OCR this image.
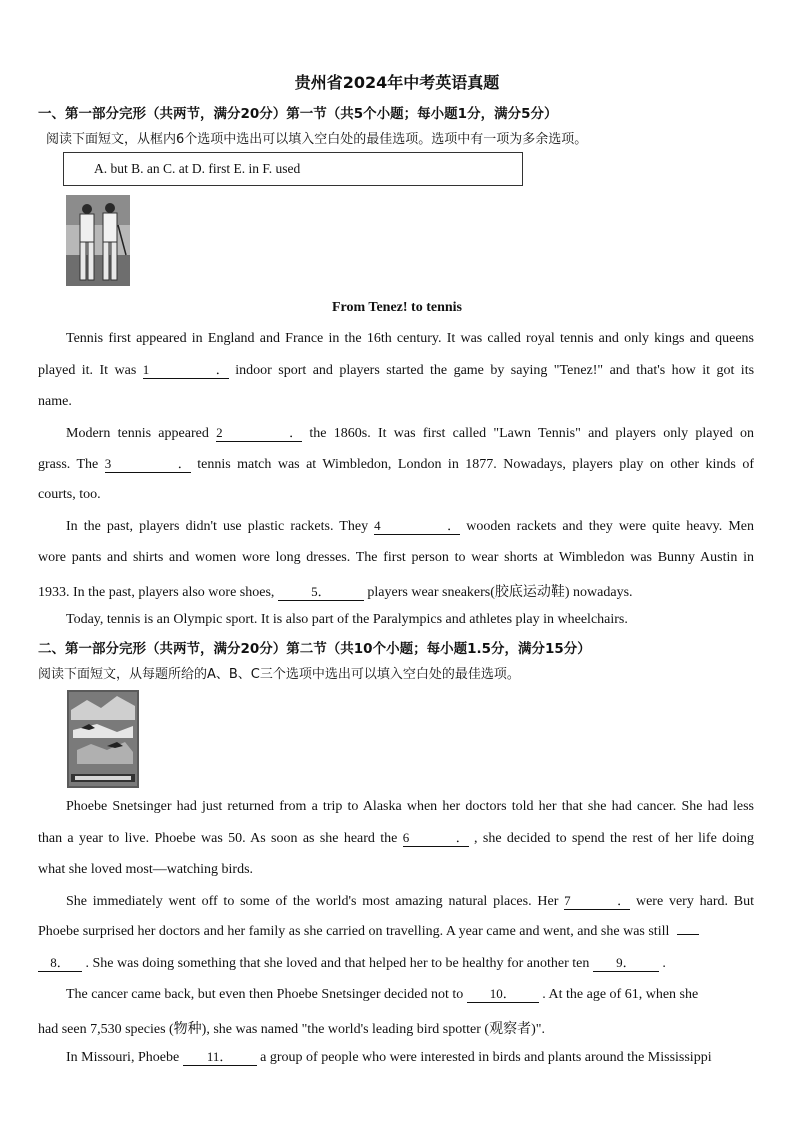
贵州省2024年中考英语真题
一、第一部分完形（共两节，满分20分）第一节（共5个小题；每小题1分，满分5分）
阅读下面短文，从框内6个选项中选出可以填入空白处的最佳选项。选项中有一项为多余选项。
A. but B. an C. at D. first E. in F. used
From Tenez! to tennis
Tennis first appeared in England and France in the 16th century. It was called royal tennis and only kings and queens
played it. It was 1． indoor sport and players started the game by saying "Tenez!" and that's how it got its
name.
Modern tennis appeared 2． the 1860s. It was first called "Lawn Tennis" and players only played on
grass. The 3． tennis match was at Wimbledon, London in 1877. Nowadays, players play on other kinds of
courts, too.
In the past, players didn't use plastic rackets. They 4． wooden rackets and they were quite heavy. Men
wore pants and shirts and women wore long dresses. The first person to wear shorts at Wimbledon was Bunny Austin in
1933. In the past, players also wore shoes,	5．	players wear sneakers(胶底运动鞋) nowadays.
Today, tennis is an Olympic sport. It is also part of the Paralympics and athletes play in wheelchairs.
二、第一部分完形（共两节，满分20分）第二节（共10个小题；每小题1.5分，满分15分）
阅读下面短文，从每题所给的A、B、C三个选项中选出可以填入空白处的最佳选项。
Phoebe Snetsinger had just returned from a trip to Alaska when her doctors told her that she had cancer. She had less
than a year to live. Phoebe was 50. As soon as she heard the 6． , she decided to spend the rest of her life doing
what she loved most—watching birds.
She immediately went off to some of the world's most amazing natural places. Her 7． were very hard. But
Phoebe surprised her doctors and her family as she carried on travelling. A year came and went, and she was still
8． . She was doing something that she loved and that helped her to be healthy for another ten 9． .
The cancer came back, but even then Phoebe Snetsinger decided not to 10． . At the age of 61, when she
had seen 7,530 species (物种), she was named "the world's leading bird spotter (观察者)".
In Missouri, Phoebe 11． a group of people who were interested in birds and plants around the Mississippi
